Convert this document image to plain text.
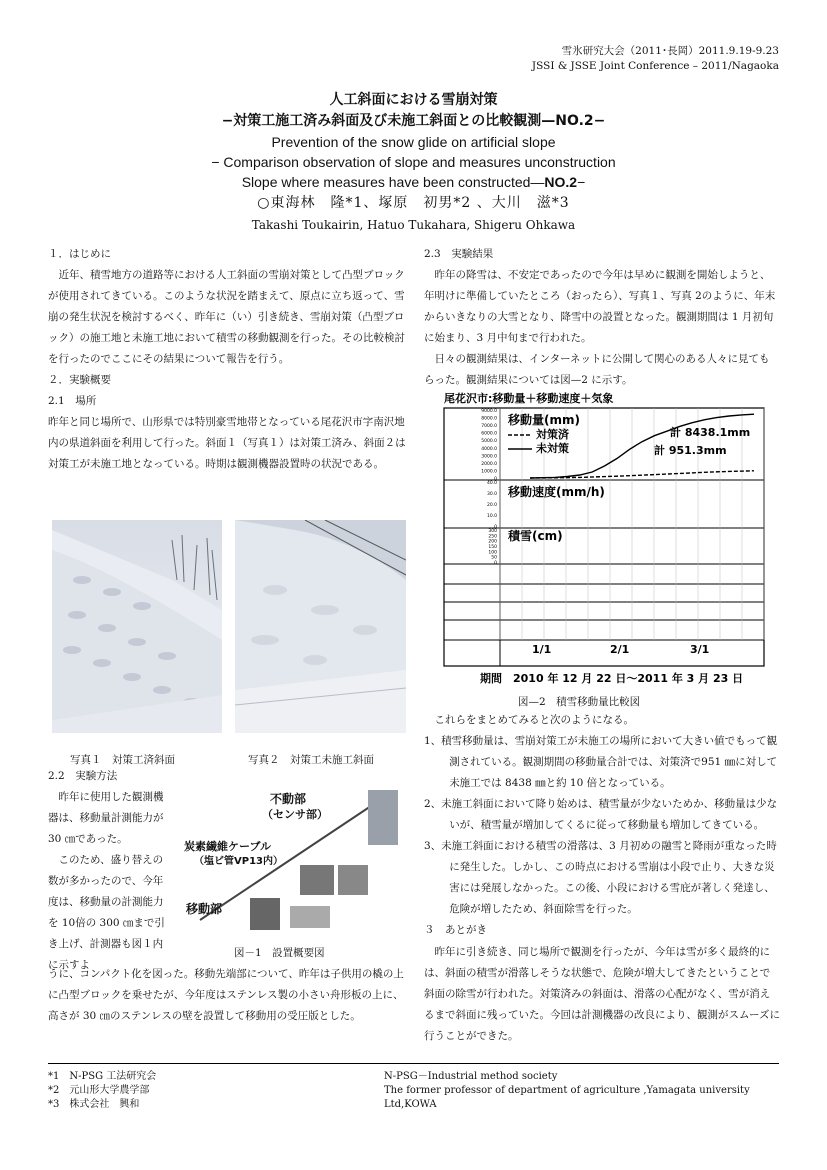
雪氷研究大会（2011･長岡）2011.9.19-9.23
JSSI & JSSE Joint Conference – 2011/Nagaoka
人工斜面における雪崩対策
−対策工施工済み斜面及び未施工斜面との比較観測—NO.2−
Prevention of the snow glide on artificial slope
− Comparison observation of slope and measures unconstruction
Slope where measures have been constructed—NO.2−
○東海林　隆*1、塚原　初男*2 、大川　滋*3
Takashi Toukairin, Hatuo Tukahara, Shigeru Ohkawa

１．はじめに

近年、積雪地方の道路等における人工斜面の雪崩対策として凸型ブロックが使用されてきている。このような状況を踏まえて、原点に立ち返って、雪崩の発生状況を検討するべく、昨年に（い）引き続き、雪崩対策（凸型ブロック）の施工地と未施工地において積雪の移動観測を行った。その比較検討を行ったのでここにその結果について報告を行う。

２．実験概要

2.1　場所

昨年と同じ場所で、山形県では特別豪雪地帯となっている尾花沢市字南沢地内の県道斜面を利用して行った。斜面１（写真１）は対策工済み、斜面２は対策工が未施工地となっている。時期は観測機器設置時の状況である。

写真１　対策工済斜面	写真２　対策工未施工斜面

2.2　実験方法

昨年に使用した観測機器は、移動量計測能力が 30 ㎝であった。

このため、盛り替えの数が多かったので、今年度は、移動量の計測能力を 10倍の 300 ㎝まで引き上げ、計測器も図１内に示すよ

不動部
（センサ部）
炭素繊維ケーブル
（塩ビ管VP13内）
移動部
図－1　設置概要図

うに、コンパクト化を図った。移動先端部について、昨年は子供用の橇の上に凸型ブロックを乗せたが、今年度はステンレス製の小さい舟形板の上に、高さが 30 ㎝のステンレスの壁を設置して移動用の受圧版とした。

2.3　実験結果

昨年の降雪は、不安定であったので今年は早めに観測を開始しようと、年明けに準備していたところ（おったら）、写真１、写真 2のように、年末からいきなりの大雪となり、降雪中の設置となった。観測期間は 1 月初旬に始まり、3 月中旬まで行われた。

日々の観測結果は、インターネットに公開して関心のある人々に見てもらった。観測結果については図—2 に示す。

尾花沢市:移動量＋移動速度＋気象
移動量(mm)
対策済
未対策
計 8438.1mm
計 951.3mm
移動速度(mm/h)
積雪(cm)
9000.0
8000.0
7000.0
6000.0
5000.0
4000.0
3000.0
2000.0
1000.0
0
40.0
30.0
20.0
10.0
0
300
250
200
150
100
50
0
1/1	2/1	3/1
期間　2010 年 12 月 22 日〜2011 年 3 月 23 日
図—2　積雪移動量比較図

これらをまとめてみると次のようになる。

1、積雪移動量は、雪崩対策工が未施工の場所において大きい値でもって観測されている。観測期間の移動量合計では、対策済で951 ㎜に対して未施工では 8438 ㎜と約 10 倍となっている。

2、未施工斜面において降り始めは、積雪量が少ないためか、移動量は少ないが、積雪量が増加してくるに従って移動量も増加してきている。

3、未施工斜面における積雪の滑落は、3 月初めの融雪と降雨が重なった時に発生した。しかし、この時点における雪崩は小段で止り、大きな災害には発展しなかった。この後、小段における雪庇が著しく発達し、危険が増したため、斜面除雪を行った。

３　あとがき

昨年に引き続き、同じ場所で観測を行ったが、今年は雪が多く最終的には、斜面の積雪が滑落しそうな状態で、危険が増大してきたということで斜面の除雪が行われた。対策済みの斜面は、滑落の心配がなく、雪が消えるまで斜面に残っていた。今回は計測機器の改良により、観測がスムーズに行うことができた。

*1　N-PSG 工法研究会
*2　元山形大学農学部
*3　株式会社　興和
N-PSG－Industrial method society
The former professor of department of agriculture ,Yamagata university
Ltd,KOWA
